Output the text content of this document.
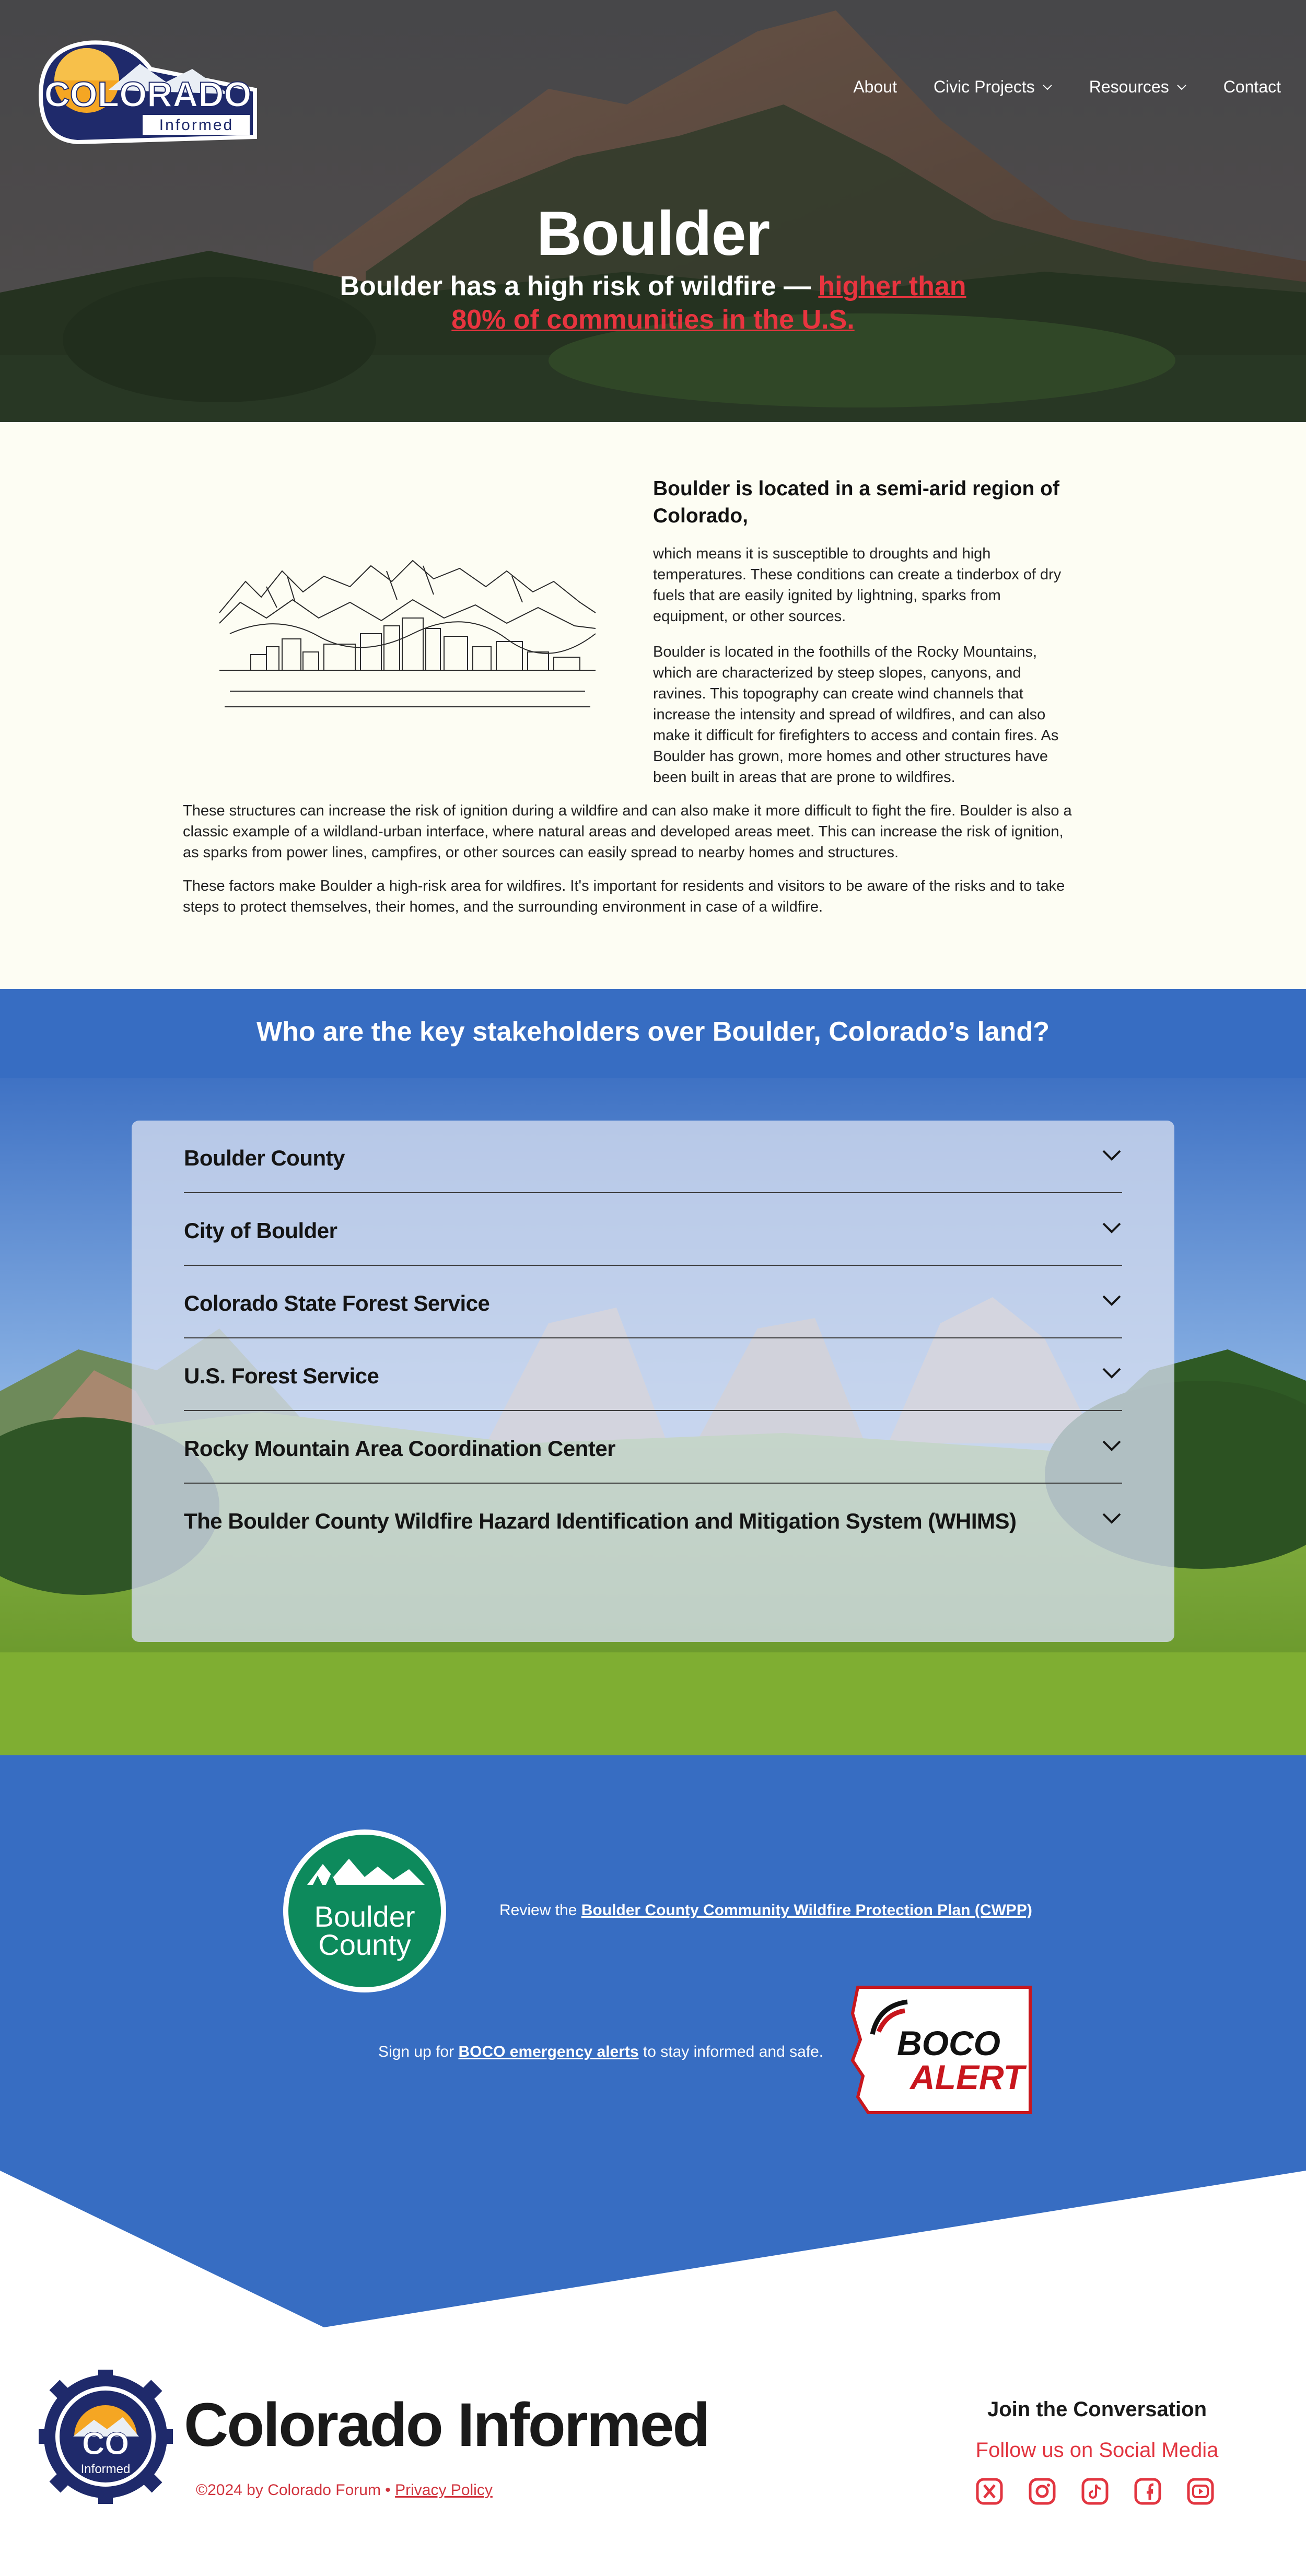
COLORADO
Informed
About Civic Projects	Resources	Contact
Boulder

Boulder has a high risk of wildfire — higher than 80% of communities in the U.S.

Boulder is located in a semi-arid region of Colorado,

which means it is susceptible to droughts and high temperatures. These conditions can create a tinderbox of dry fuels that are easily ignited by lightning, sparks from equipment, or other sources.

Boulder is located in the foothills of the Rocky Mountains, which are characterized by steep slopes, canyons, and ravines. This topography can create wind channels that increase the intensity and spread of wildfires, and can also make it difficult for firefighters to access and contain fires. As Boulder has grown, more homes and other structures have been built in areas that are prone to wildfires.

These structures can increase the risk of ignition during a wildfire and can also make it more difficult to fight the fire. Boulder is also a classic example of a wildland-urban interface, where natural areas and developed areas meet. This can increase the risk of ignition, as sparks from power lines, campfires, or other sources can easily spread to nearby homes and structures.

These factors make Boulder a high-risk area for wildfires. It's important for residents and visitors to be aware of the risks and to take steps to protect themselves, their homes, and the surrounding environment in case of a wildfire.

Who are the key stakeholders over Boulder, Colorado’s land?
Boulder County
City of Boulder
Colorado State Forest Service
U.S. Forest Service
Rocky Mountain Area Coordination Center
The Boulder County Wildfire Hazard Identification and Mitigation System (WHIMS)
Boulder
County

Review the Boulder County Community Wildfire Protection Plan (CWPP)

Sign up for BOCO emergency alerts to stay informed and safe. BOCO
ALERT
CO
Informed
Colorado Informed

©2024 by Colorado Forum • Privacy Policy

Join the Conversation
Follow us on Social Media
